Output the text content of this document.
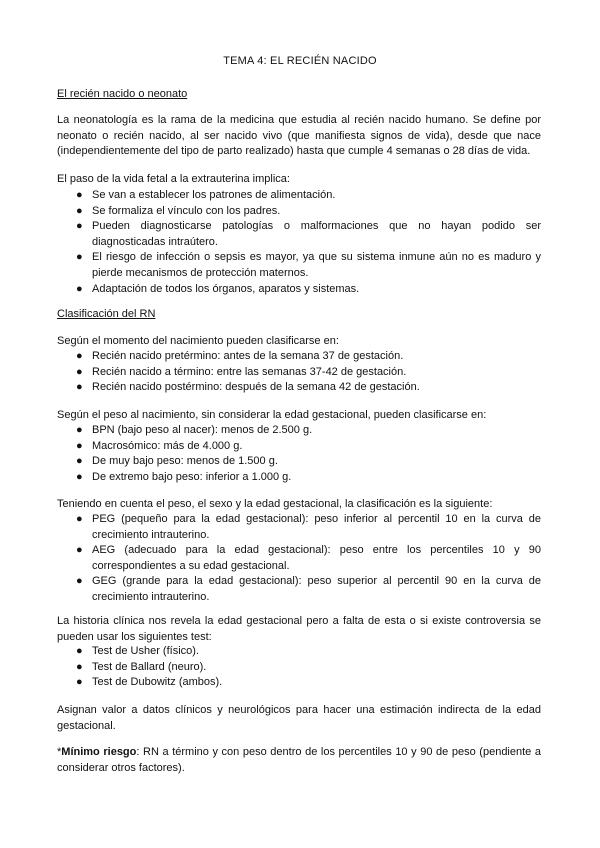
TEMA 4: EL RECIÉN NACIDO
El recién nacido o neonato

La neonatología es la rama de la medicina que estudia al recién nacido humano. Se define por neonato o recién nacido, al ser nacido vivo (que manifiesta signos de vida), desde que nace (independientemente del tipo de parto realizado) hasta que cumple 4 semanas o 28 días de vida.

El paso de la vida fetal a la extrauterina implica:

● Se van a establecer los patrones de alimentación.
● Se formaliza el vínculo con los padres.
● Pueden diagnosticarse patologías o malformaciones que no hayan podido ser diagnosticadas intraútero.
● El riesgo de infección o sepsis es mayor, ya que su sistema inmune aún no es maduro y pierde mecanismos de protección maternos.
● Adaptación de todos los órganos, aparatos y sistemas.
Clasificación del RN

Según el momento del nacimiento pueden clasificarse en:

● Recién nacido pretérmino: antes de la semana 37 de gestación.
● Recién nacido a término: entre las semanas 37-42 de gestación.
● Recién nacido postérmino: después de la semana 42 de gestación.

Según el peso al nacimiento, sin considerar la edad gestacional, pueden clasificarse en:

● BPN (bajo peso al nacer): menos de 2.500 g.
● Macrosómico: más de 4.000 g.
● De muy bajo peso: menos de 1.500 g.
● De extremo bajo peso: inferior a 1.000 g.

Teniendo en cuenta el peso, el sexo y la edad gestacional, la clasificación es la siguiente:

● PEG (pequeño para la edad gestacional): peso inferior al percentil 10 en la curva de crecimiento intrauterino.
● AEG (adecuado para la edad gestacional): peso entre los percentiles 10 y 90 correspondientes a su edad gestacional.
● GEG (grande para la edad gestacional): peso superior al percentil 90 en la curva de crecimiento intrauterino.

La historia clínica nos revela la edad gestacional pero a falta de esta o si existe controversia se pueden usar los siguientes test:

● Test de Usher (físico).
● Test de Ballard (neuro).
● Test de Dubowitz (ambos).

Asignan valor a datos clínicos y neurológicos para hacer una estimación indirecta de la edad gestacional.

*Mínimo riesgo: RN a término y con peso dentro de los percentiles 10 y 90 de peso (pendiente a considerar otros factores).
